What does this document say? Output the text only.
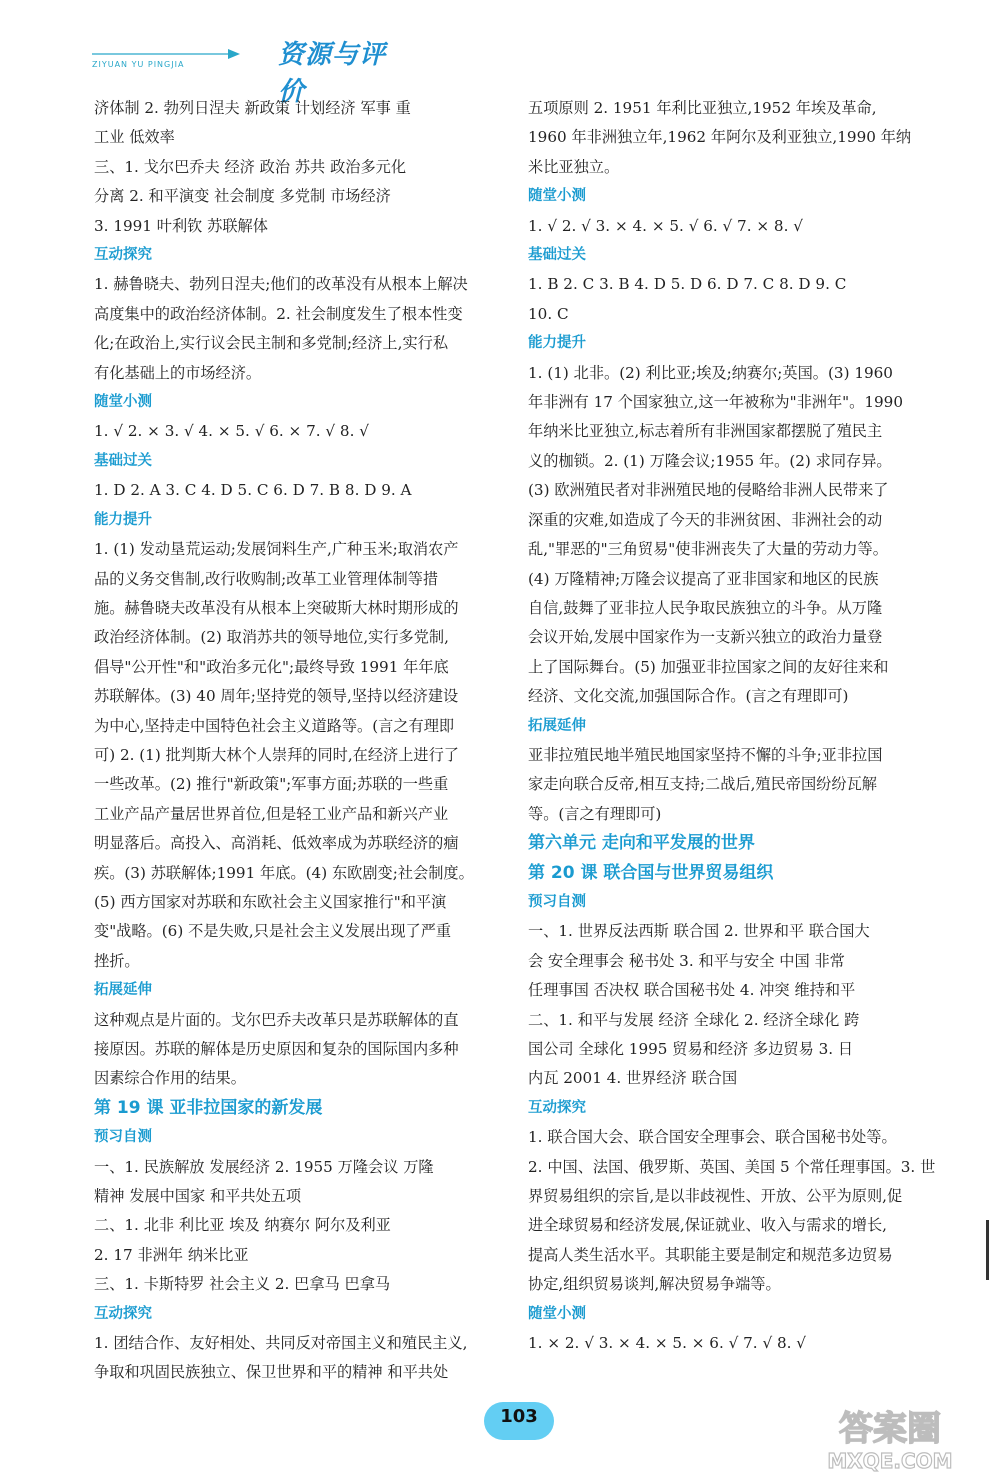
ZIYUAN YU PINGJIA	资源与评价

济体制 2. 勃列日涅夫 新政策 计划经济 军事 重

工业 低效率

三、1. 戈尔巴乔夫 经济 政治 苏共 政治多元化

分离 2. 和平演变 社会制度 多党制 市场经济

3. 1991 叶利钦 苏联解体

互动探究

1. 赫鲁晓夫、勃列日涅夫;他们的改革没有从根本上解决

高度集中的政治经济体制。2. 社会制度发生了根本性变

化;在政治上,实行议会民主制和多党制;经济上,实行私

有化基础上的市场经济。

随堂小测

1. √ 2. × 3. √ 4. × 5. √ 6. × 7. √ 8. √

基础过关

1. D 2. A 3. C 4. D 5. C 6. D 7. B 8. D 9. A

能力提升

1. (1) 发动垦荒运动;发展饲料生产,广种玉米;取消农产

品的义务交售制,改行收购制;改革工业管理体制等措

施。赫鲁晓夫改革没有从根本上突破斯大林时期形成的

政治经济体制。(2) 取消苏共的领导地位,实行多党制,

倡导"公开性"和"政治多元化";最终导致 1991 年年底

苏联解体。(3) 40 周年;坚持党的领导,坚持以经济建设

为中心,坚持走中国特色社会主义道路等。(言之有理即

可) 2. (1) 批判斯大林个人崇拜的同时,在经济上进行了

一些改革。(2) 推行"新政策";军事方面;苏联的一些重

工业产品产量居世界首位,但是轻工业产品和新兴产业

明显落后。高投入、高消耗、低效率成为苏联经济的痼

疾。(3) 苏联解体;1991 年底。(4) 东欧剧变;社会制度。

(5) 西方国家对苏联和东欧社会主义国家推行"和平演

变"战略。(6) 不是失败,只是社会主义发展出现了严重

挫折。

拓展延伸

这种观点是片面的。戈尔巴乔夫改革只是苏联解体的直

接原因。苏联的解体是历史原因和复杂的国际国内多种

因素综合作用的结果。

第 19 课 亚非拉国家的新发展

预习自测

一、1. 民族解放 发展经济 2. 1955 万隆会议 万隆

精神 发展中国家 和平共处五项

二、1. 北非 利比亚 埃及 纳赛尔 阿尔及利亚

2. 17 非洲年 纳米比亚

三、1. 卡斯特罗 社会主义 2. 巴拿马 巴拿马

互动探究

1. 团结合作、友好相处、共同反对帝国主义和殖民主义,

争取和巩固民族独立、保卫世界和平的精神 和平共处

五项原则 2. 1951 年利比亚独立,1952 年埃及革命,

1960 年非洲独立年,1962 年阿尔及利亚独立,1990 年纳

米比亚独立。

随堂小测

1. √ 2. √ 3. × 4. × 5. √ 6. √ 7. × 8. √

基础过关

1. B 2. C 3. B 4. D 5. D 6. D 7. C 8. D 9. C

10. C

能力提升

1. (1) 北非。(2) 利比亚;埃及;纳赛尔;英国。(3) 1960

年非洲有 17 个国家独立,这一年被称为"非洲年"。1990

年纳米比亚独立,标志着所有非洲国家都摆脱了殖民主

义的枷锁。2. (1) 万隆会议;1955 年。(2) 求同存异。

(3) 欧洲殖民者对非洲殖民地的侵略给非洲人民带来了

深重的灾难,如造成了今天的非洲贫困、非洲社会的动

乱,"罪恶的"三角贸易"使非洲丧失了大量的劳动力等。

(4) 万隆精神;万隆会议提高了亚非国家和地区的民族

自信,鼓舞了亚非拉人民争取民族独立的斗争。从万隆

会议开始,发展中国家作为一支新兴独立的政治力量登

上了国际舞台。(5) 加强亚非拉国家之间的友好往来和

经济、文化交流,加强国际合作。(言之有理即可)

拓展延伸

亚非拉殖民地半殖民地国家坚持不懈的斗争;亚非拉国

家走向联合反帝,相互支持;二战后,殖民帝国纷纷瓦解

等。(言之有理即可)

第六单元 走向和平发展的世界

第 20 课 联合国与世界贸易组织

预习自测

一、1. 世界反法西斯 联合国 2. 世界和平 联合国大

会 安全理事会 秘书处 3. 和平与安全 中国 非常

任理事国 否决权 联合国秘书处 4. 冲突 维持和平

二、1. 和平与发展 经济 全球化 2. 经济全球化 跨

国公司 全球化 1995 贸易和经济 多边贸易 3. 日

内瓦 2001 4. 世界经济 联合国

互动探究

1. 联合国大会、联合国安全理事会、联合国秘书处等。

2. 中国、法国、俄罗斯、英国、美国 5 个常任理事国。3. 世

界贸易组织的宗旨,是以非歧视性、开放、公平为原则,促

进全球贸易和经济发展,保证就业、收入与需求的增长,

提高人类生活水平。其职能主要是制定和规范多边贸易

协定,组织贸易谈判,解决贸易争端等。

随堂小测

1. × 2. √ 3. × 4. × 5. × 6. √ 7. √ 8. √

103	答案圈
MXQE.COM
